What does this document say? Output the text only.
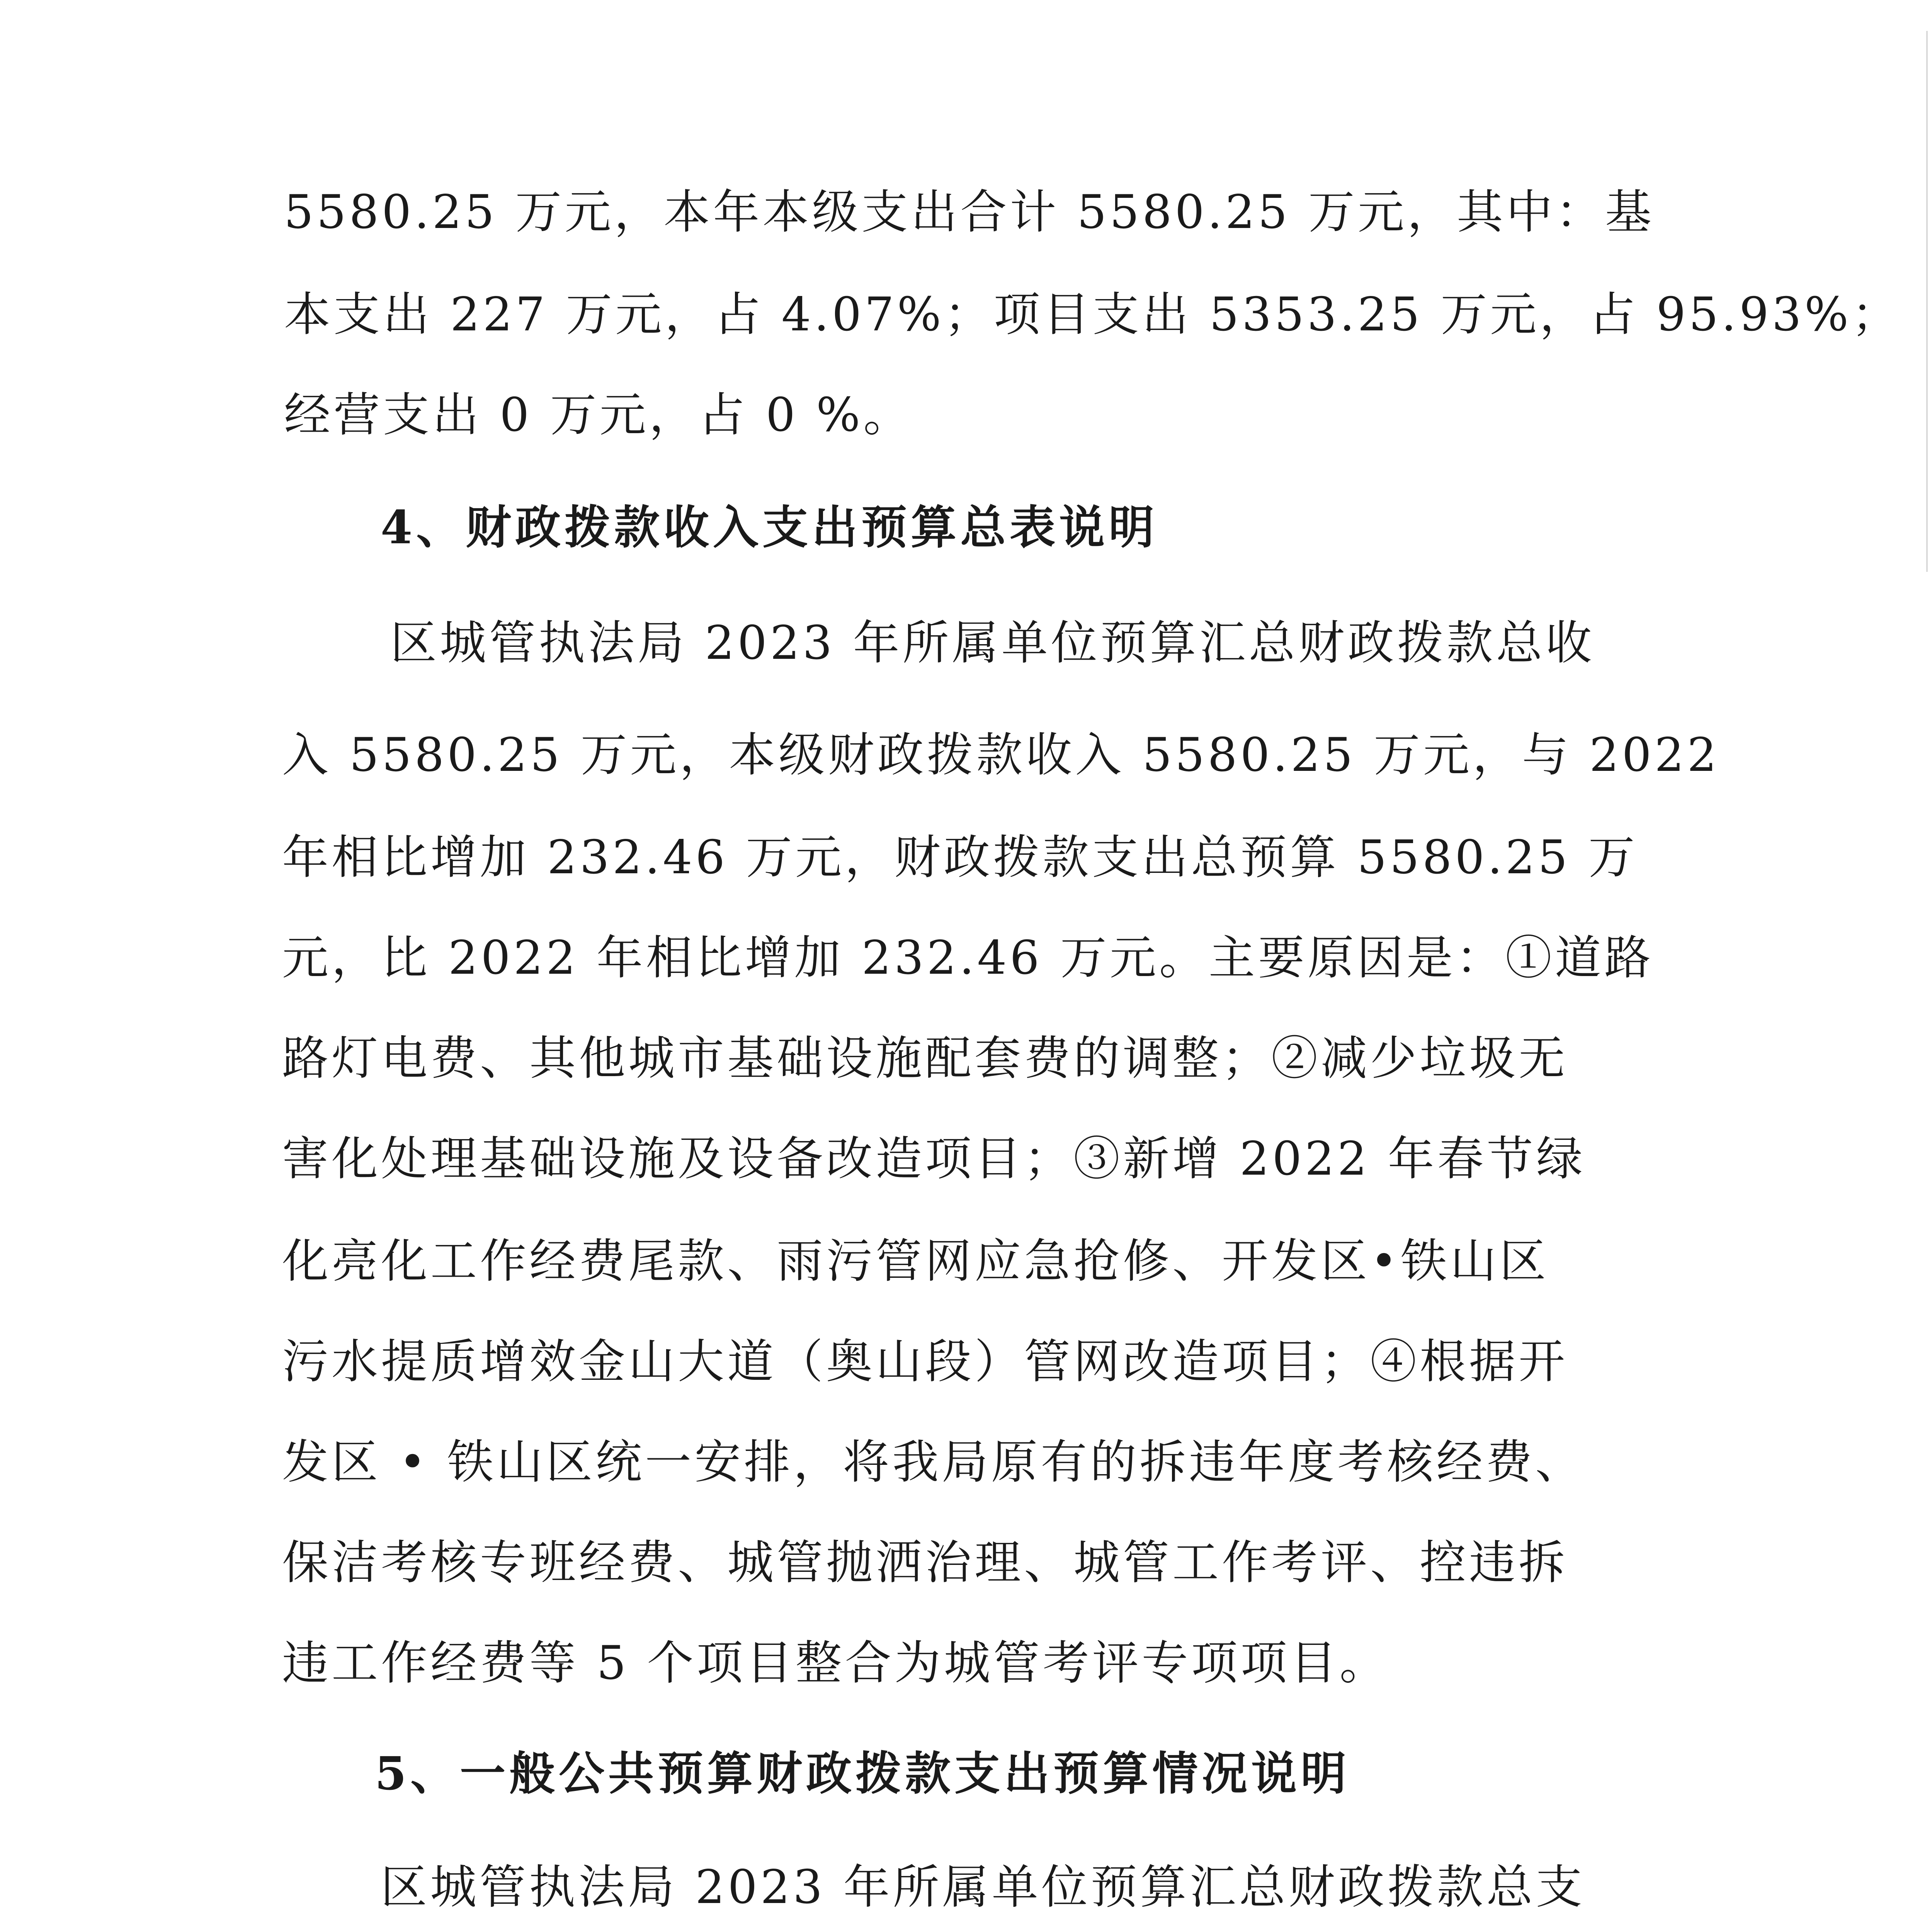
5580.25 万元，本年本级支出合计 5580.25 万元，其中：基
本支出 227 万元，占 4.07%；项目支出 5353.25 万元，占 95.93%；
经营支出 0 万元，占 0 %。
4、财政拨款收入支出预算总表说明
区城管执法局 2023 年所属单位预算汇总财政拨款总收
入 5580.25 万元，本级财政拨款收入 5580.25 万元，与 2022
年相比增加 232.46 万元，财政拨款支出总预算 5580.25 万
元，比 2022 年相比增加 232.46 万元。主要原因是：①道路
路灯电费、其他城市基础设施配套费的调整；②减少垃圾无
害化处理基础设施及设备改造项目；③新增 2022 年春节绿
化亮化工作经费尾款、雨污管网应急抢修、开发区•铁山区
污水提质增效金山大道（奥山段）管网改造项目；④根据开
发区 • 铁山区统一安排，将我局原有的拆违年度考核经费、
保洁考核专班经费、城管抛洒治理、城管工作考评、控违拆
违工作经费等 5 个项目整合为城管考评专项项目。
5、一般公共预算财政拨款支出预算情况说明
区城管执法局 2023 年所属单位预算汇总财政拨款总支
